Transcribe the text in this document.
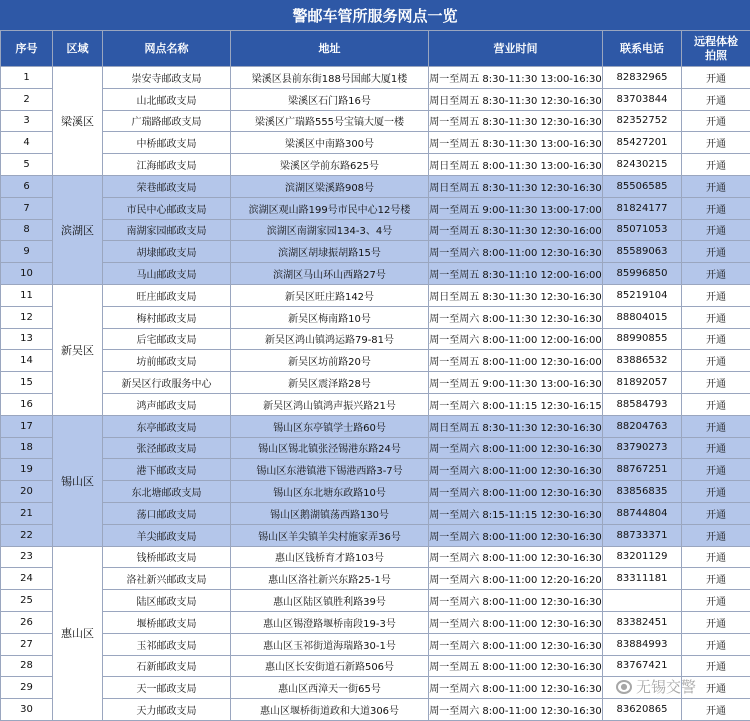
警邮车管所服务网点一览
序号	区域	网点名称	地址	营业时间	联系电话	远程体检
拍照

1	梁溪区	崇安寺邮政支局	梁溪区县前东街188号国邮大厦1楼	周一至周五 8:30-11:30 13:00-16:30	82832965	开通
2		山北邮政支局	梁溪区石门路16号	周日至周五 8:30-11:30 12:30-16:30	83703844	开通
3		广瑞路邮政支局	梁溪区广瑞路555号宝镐大厦一楼	周一至周五 8:30-11:30 12:30-16:30	82352752	开通
4		中桥邮政支局	梁溪区中南路300号	周一至周五 8:30-11:30 13:00-16:30	85427201	开通
5		江海邮政支局	梁溪区学前东路625号	周日至周五 8:00-11:30 13:00-16:30	82430215	开通
6	滨湖区	荣巷邮政支局	滨湖区梁溪路908号	周日至周五 8:30-11:30 12:30-16:30	85506585	开通
7		市民中心邮政支局	滨湖区观山路199号市民中心12号楼	周一至周五 9:00-11:30 13:00-17:00	81824177	开通
8		南湖家园邮政支局	滨湖区南湖家园134-3、4号	周一至周五 8:30-11:30 12:30-16:00	85071053	开通
9		胡埭邮政支局	滨湖区胡埭振胡路15号	周一至周六 8:00-11:00 12:30-16:30	85589063	开通
10		马山邮政支局	滨湖区马山环山西路27号	周一至周五 8:30-11:10 12:00-16:00	85996850	开通
11	新吴区	旺庄邮政支局	新吴区旺庄路142号	周日至周五 8:30-11:30 12:30-16:30	85219104	开通
12		梅村邮政支局	新吴区梅南路10号	周一至周六 8:00-11:30 12:30-16:30	88804015	开通
13		后宅邮政支局	新吴区鸿山镇鸿运路79-81号	周一至周六 8:00-11:00 12:00-16:00	88990855	开通
14		坊前邮政支局	新吴区坊前路20号	周一至周五 8:00-11:00 12:30-16:00	83886532	开通
15		新吴区行政服务中心	新吴区震泽路28号	周一至周五 9:00-11:30 13:00-16:30	81892057	开通
16		鸿声邮政支局	新吴区鸿山镇鸿声振兴路21号	周一至周六 8:00-11:15 12:30-16:15	88584793	开通
17	锡山区	东亭邮政支局	锡山区东亭镇学士路60号	周日至周五 8:30-11:30 12:30-16:30	88204763	开通
18		张泾邮政支局	锡山区锡北镇张泾锡港东路24号	周一至周六 8:00-11:00 12:30-16:30	83790273	开通
19		港下邮政支局	锡山区东港镇港下锡港西路3-7号	周一至周六 8:00-11:00 12:30-16:30	88767251	开通
20		东北塘邮政支局	锡山区东北塘东政路10号	周一至周六 8:00-11:00 12:30-16:30	83856835	开通
21		荡口邮政支局	锡山区鹅湖镇荡西路130号	周一至周六 8:15-11:15 12:30-16:30	88744804	开通
22		羊尖邮政支局	锡山区羊尖镇羊尖村施家弄36号	周一至周六 8:00-11:00 12:30-16:30	88733371	开通
23	惠山区	钱桥邮政支局	惠山区钱桥育才路103号	周一至周六 8:00-11:00 12:30-16:30	83201129	开通
24		洛社新兴邮政支局	惠山区洛社新兴东路25-1号	周一至周六 8:00-11:00 12:20-16:20	83311181	开通
25		陆区邮政支局	惠山区陆区镇胜利路39号	周一至周六 8:00-11:00 12:30-16:30		开通
26		堰桥邮政支局	惠山区锡澄路堰桥南段19-3号	周一至周六 8:00-11:00 12:30-16:30	83382451	开通
27		玉祁邮政支局	惠山区玉祁街道海瑞路30-1号	周一至周六 8:00-11:00 12:30-16:30	83884993	开通
28		石新邮政支局	惠山区长安街道石新路506号	周一至周五 8:00-11:00 12:30-16:30	83767421	开通
29		天一邮政支局	惠山区西漳天一街65号	周一至周六 8:00-11:00 12:30-16:30		开通
30		天力邮政支局	惠山区堰桥街道政和大道306号	周一至周六 8:00-11:00 12:30-16:30	83620865	开通
● 无锡交警
